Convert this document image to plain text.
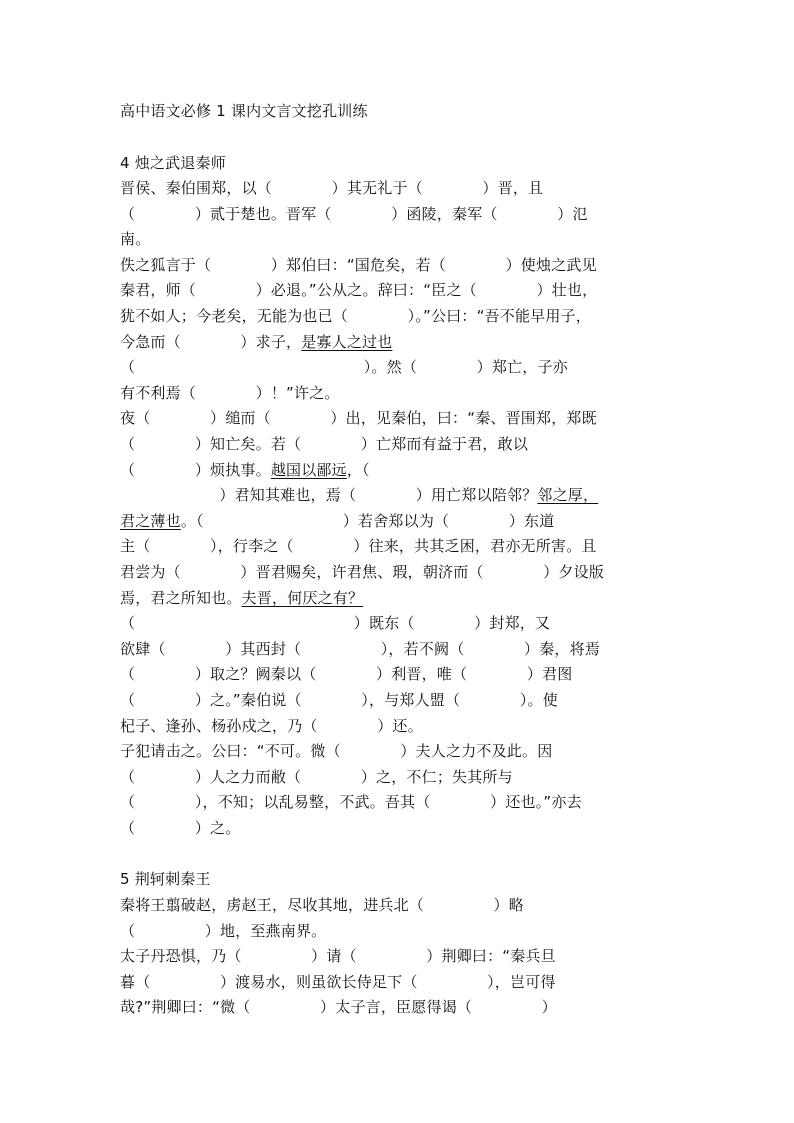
高中语文必修 1 课内文言文挖孔训练
4 烛之武退秦师
晋侯、秦伯围郑，以（            ）其无礼于（            ）晋，且
（            ）贰于楚也。晋军（            ）函陵，秦军（            ）氾
南。
佚之狐言于（            ）郑伯曰：“国危矣，若（            ）使烛之武见
秦君，师（            ）必退。”公从之。辞曰：“臣之（            ）壮也，
犹不如人；今老矣，无能为也已（            ）。”公曰：“吾不能早用子，
今急而（            ）求子，是寡人之过也
（                                              ）。然（            ）郑亡，子亦
有不利焉（            ）！”许之。
夜（            ）缒而（            ）出，见秦伯，曰：“秦、晋围郑，郑既
（            ）知亡矣。若（            ）亡郑而有益于君，敢以
（            ）烦执事。越国以鄙远，（
）君知其难也，焉（            ）用亡郑以陪邻？邻之厚，
君之薄也。（                            ）若舍郑以为（            ）东道
主（            ），行李之（            ）往来，共其乏困，君亦无所害。且
君尝为（            ）晋君赐矣，许君焦、瑕，朝济而（            ）夕设版
焉，君之所知也。夫晋，何厌之有？
（                                            ）既东（            ）封郑，又
欲肆（            ）其西封（                ），若不阙（            ）秦，将焉
（            ）取之？阙秦以（            ）利晋，唯（            ）君图
（            ）之。”秦伯说（            ），与郑人盟（            ）。使
杞子、逢孙、杨孙戍之，乃（            ）还。
子犯请击之。公曰：“不可。微（            ）夫人之力不及此。因
（            ）人之力而敝（            ）之，不仁；失其所与
（            ），不知；以乱易整，不武。吾其（            ）还也。”亦去
（            ）之。
5 荆轲刺秦王
秦将王翦破赵，虏赵王，尽收其地，进兵北（              ）略
（              ）地，至燕南界。
太子丹恐惧，乃（              ）请（              ）荆卿曰：“秦兵旦
暮（              ）渡易水，则虽欲长侍足下（              ），岂可得
哉?”荆卿曰：“微（              ）太子言，臣愿得谒（              ）
